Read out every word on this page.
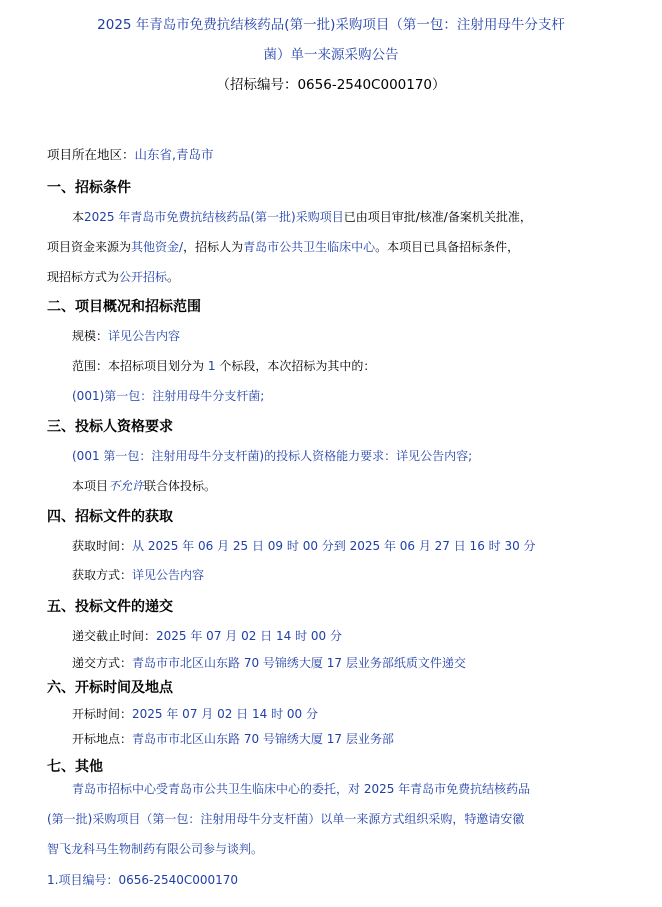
2025 年青岛市免费抗结核药品(第一批)采购项目（第一包：注射用母牛分支杆
菌）单一来源采购公告
（招标编号：0656-2540C000170）
项目所在地区：山东省,青岛市
一、招标条件
本2025 年青岛市免费抗结核药品(第一批)采购项目已由项目审批/核准/备案机关批准，
项目资金来源为其他资金/，招标人为青岛市公共卫生临床中心。本项目已具备招标条件，
现招标方式为公开招标。
二、项目概况和招标范围
规模：详见公告内容
范围：本招标项目划分为 1 个标段，本次招标为其中的：
(001)第一包：注射用母牛分支杆菌;
三、投标人资格要求
(001 第一包：注射用母牛分支杆菌)的投标人资格能力要求：详见公告内容;
本项目不允许联合体投标。
四、招标文件的获取
获取时间：从 2025 年 06 月 25 日 09 时 00 分到 2025 年 06 月 27 日 16 时 30 分
获取方式：详见公告内容
五、投标文件的递交
递交截止时间：2025 年 07 月 02 日 14 时 00 分
递交方式：青岛市市北区山东路 70 号锦绣大厦 17 层业务部纸质文件递交
六、开标时间及地点
开标时间：2025 年 07 月 02 日 14 时 00 分
开标地点：青岛市市北区山东路 70 号锦绣大厦 17 层业务部
七、其他
青岛市招标中心受青岛市公共卫生临床中心的委托，对 2025 年青岛市免费抗结核药品
(第一批)采购项目（第一包：注射用母牛分支杆菌）以单一来源方式组织采购，特邀请安徽
智飞龙科马生物制药有限公司参与谈判。
1.项目编号：0656-2540C000170
